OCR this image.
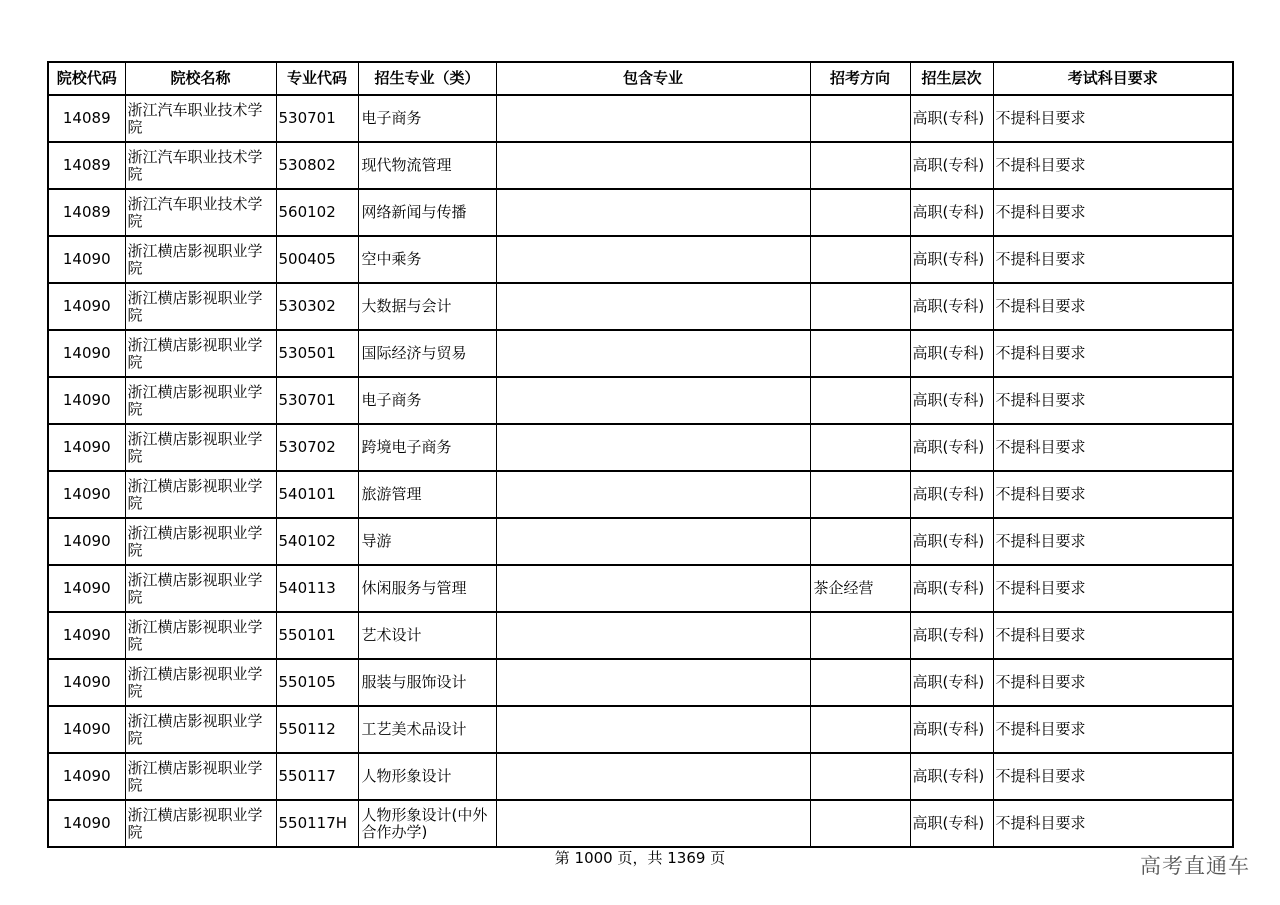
院校代码	院校名称	专业代码	招生专业（类）	包含专业	招考方向	招生层次	考试科目要求
14089	浙江汽车职业技术学院	530701	电子商务			高职(专科)	不提科目要求
14089	浙江汽车职业技术学院	530802	现代物流管理			高职(专科)	不提科目要求
14089	浙江汽车职业技术学院	560102	网络新闻与传播			高职(专科)	不提科目要求
14090	浙江横店影视职业学院	500405	空中乘务			高职(专科)	不提科目要求
14090	浙江横店影视职业学院	530302	大数据与会计			高职(专科)	不提科目要求
14090	浙江横店影视职业学院	530501	国际经济与贸易			高职(专科)	不提科目要求
14090	浙江横店影视职业学院	530701	电子商务			高职(专科)	不提科目要求
14090	浙江横店影视职业学院	530702	跨境电子商务			高职(专科)	不提科目要求
14090	浙江横店影视职业学院	540101	旅游管理			高职(专科)	不提科目要求
14090	浙江横店影视职业学院	540102	导游			高职(专科)	不提科目要求
14090	浙江横店影视职业学院	540113	休闲服务与管理		茶企经营	高职(专科)	不提科目要求
14090	浙江横店影视职业学院	550101	艺术设计			高职(专科)	不提科目要求
14090	浙江横店影视职业学院	550105	服装与服饰设计			高职(专科)	不提科目要求
14090	浙江横店影视职业学院	550112	工艺美术品设计			高职(专科)	不提科目要求
14090	浙江横店影视职业学院	550117	人物形象设计			高职(专科)	不提科目要求
14090	浙江横店影视职业学院	550117H	人物形象设计(中外合作办学)			高职(专科)	不提科目要求
第 1000 页，共 1369 页	高考直通车
